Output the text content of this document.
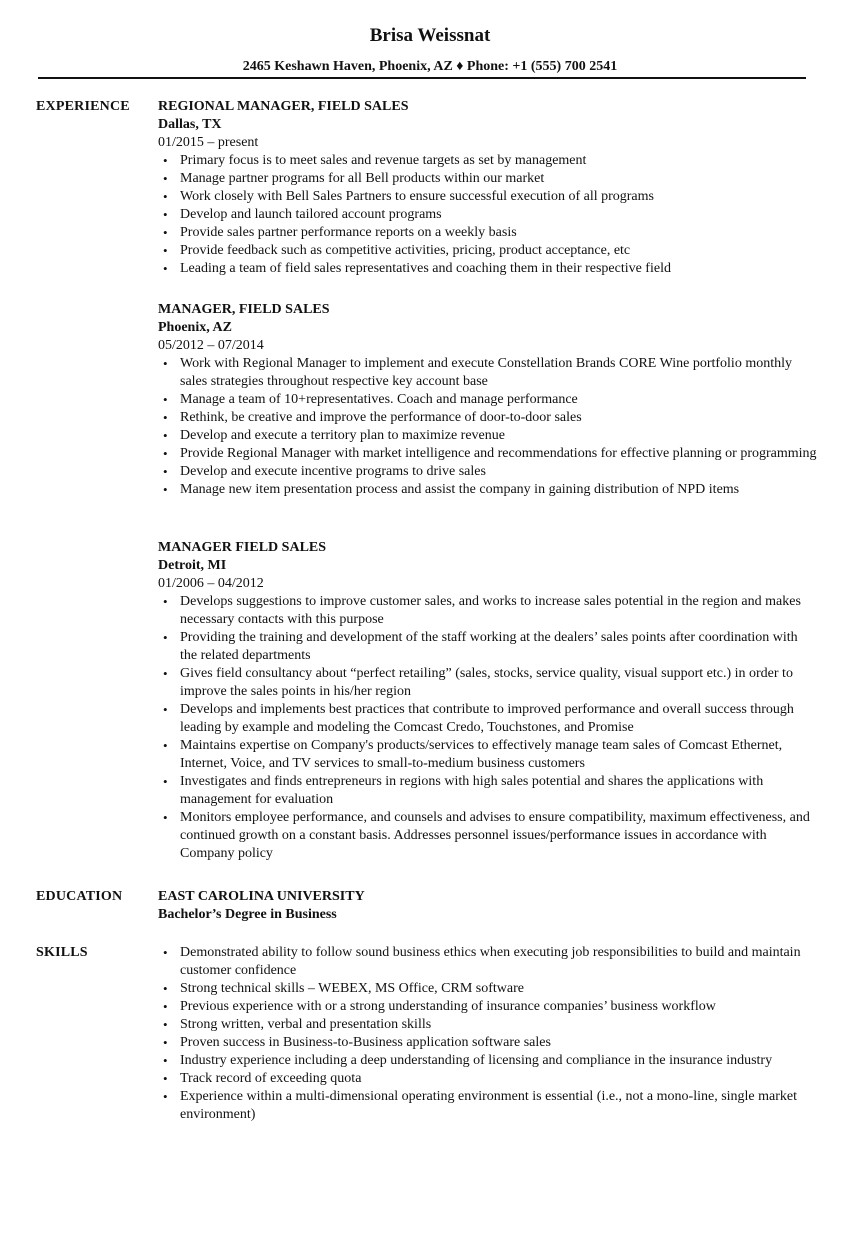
Brisa Weissnat
2465 Keshawn Haven, Phoenix, AZ ♦ Phone: +1 (555) 700 2541
EXPERIENCE REGIONAL MANAGER, FIELD SALES
Dallas, TX
01/2015 – present
• Primary focus is to meet sales and revenue targets as set by management
• Manage partner programs for all Bell products within our market
• Work closely with Bell Sales Partners to ensure successful execution of all programs
• Develop and launch tailored account programs
• Provide sales partner performance reports on a weekly basis
• Provide feedback such as competitive activities, pricing, product acceptance, etc
• Leading a team of field sales representatives and coaching them in their respective field
MANAGER, FIELD SALES
Phoenix, AZ
05/2012 – 07/2014
• Work with Regional Manager to implement and execute Constellation Brands CORE Wine portfolio monthly sales strategies throughout respective key account base
• Manage a team of 10+representatives. Coach and manage performance
• Rethink, be creative and improve the performance of door-to-door sales
• Develop and execute a territory plan to maximize revenue
• Provide Regional Manager with market intelligence and recommendations for effective planning or programming
• Develop and execute incentive programs to drive sales
• Manage new item presentation process and assist the company in gaining distribution of NPD items
MANAGER FIELD SALES
Detroit, MI
01/2006 – 04/2012
• Develops suggestions to improve customer sales, and works to increase sales potential in the region and makes necessary contacts with this purpose
• Providing the training and development of the staff working at the dealers’ sales points after coordination with the related departments
• Gives field consultancy about “perfect retailing” (sales, stocks, service quality, visual support etc.) in order to improve the sales points in his/her region
• Develops and implements best practices that contribute to improved performance and overall success through leading by example and modeling the Comcast Credo, Touchstones, and Promise
• Maintains expertise on Company's products/services to effectively manage team sales of Comcast Ethernet, Internet, Voice, and TV services to small-to-medium business customers
• Investigates and finds entrepreneurs in regions with high sales potential and shares the applications with management for evaluation
• Monitors employee performance, and counsels and advises to ensure compatibility, maximum effectiveness, and continued growth on a constant basis. Addresses personnel issues/performance issues in accordance with Company policy
EDUCATION	EAST CAROLINA UNIVERSITY
Bachelor’s Degree in Business
SKILLS	• Demonstrated ability to follow sound business ethics when executing job responsibilities to build and maintain customer confidence
• Strong technical skills – WEBEX, MS Office, CRM software
• Previous experience with or a strong understanding of insurance companies’ business workflow
• Strong written, verbal and presentation skills
• Proven success in Business-to-Business application software sales
• Industry experience including a deep understanding of licensing and compliance in the insurance industry
• Track record of exceeding quota
• Experience within a multi-dimensional operating environment is essential (i.e., not a mono-line, single market environment)
